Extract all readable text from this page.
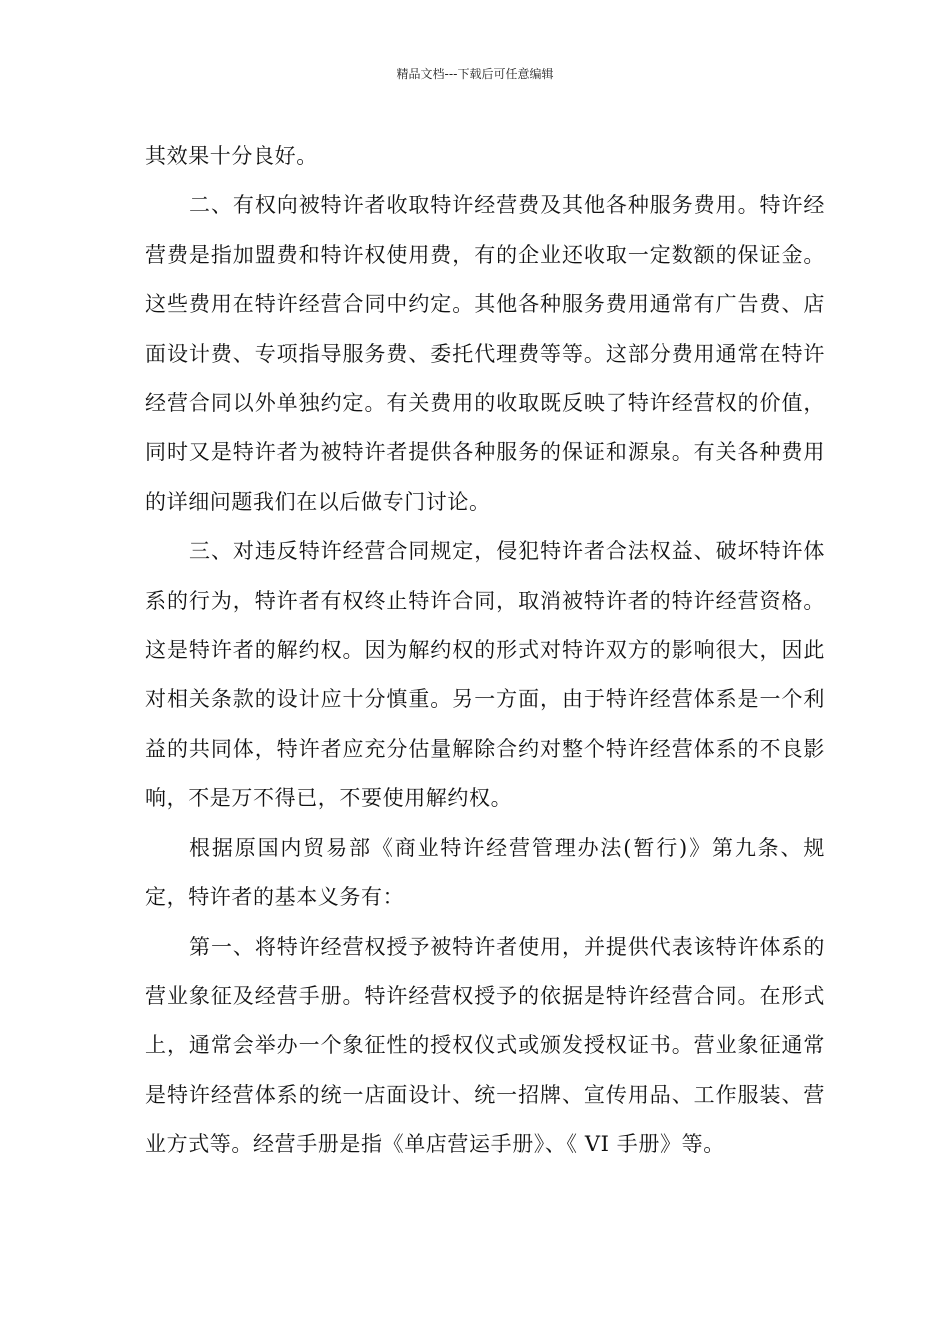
精品文档---下载后可任意编辑

其效果十分良好。

二、有权向被特许者收取特许经营费及其他各种服务费用。特许经营费是指加盟费和特许权使用费，有的企业还收取一定数额的保证金。这些费用在特许经营合同中约定。其他各种服务费用通常有广告费、店面设计费、专项指导服务费、委托代理费等等。这部分费用通常在特许经营合同以外单独约定。有关费用的收取既反映了特许经营权的价值，同时又是特许者为被特许者提供各种服务的保证和源泉。有关各种费用的详细问题我们在以后做专门讨论。

三、对违反特许经营合同规定，侵犯特许者合法权益、破坏特许体系的行为，特许者有权终止特许合同，取消被特许者的特许经营资格。这是特许者的解约权。因为解约权的形式对特许双方的影响很大，因此对相关条款的设计应十分慎重。另一方面，由于特许经营体系是一个利益的共同体，特许者应充分估量解除合约对整个特许经营体系的不良影响，不是万不得已，不要使用解约权。

根据原国内贸易部《商业特许经营管理办法(暂行)》第九条、规 定，特许者的基本义务有：

第一、将特许经营权授予被特许者使用，并提供代表该特许体系的营业象征及经营手册。特许经营权授予的依据是特许经营合同。在形式上，通常会举办一个象征性的授权仪式或颁发授权证书。营业象征通常是特许经营体系的统一店面设计、统一招牌、宣传用品、工作服装、营业方式等。经营手册是指《单店营运手册》、《 VI 手册》等。
